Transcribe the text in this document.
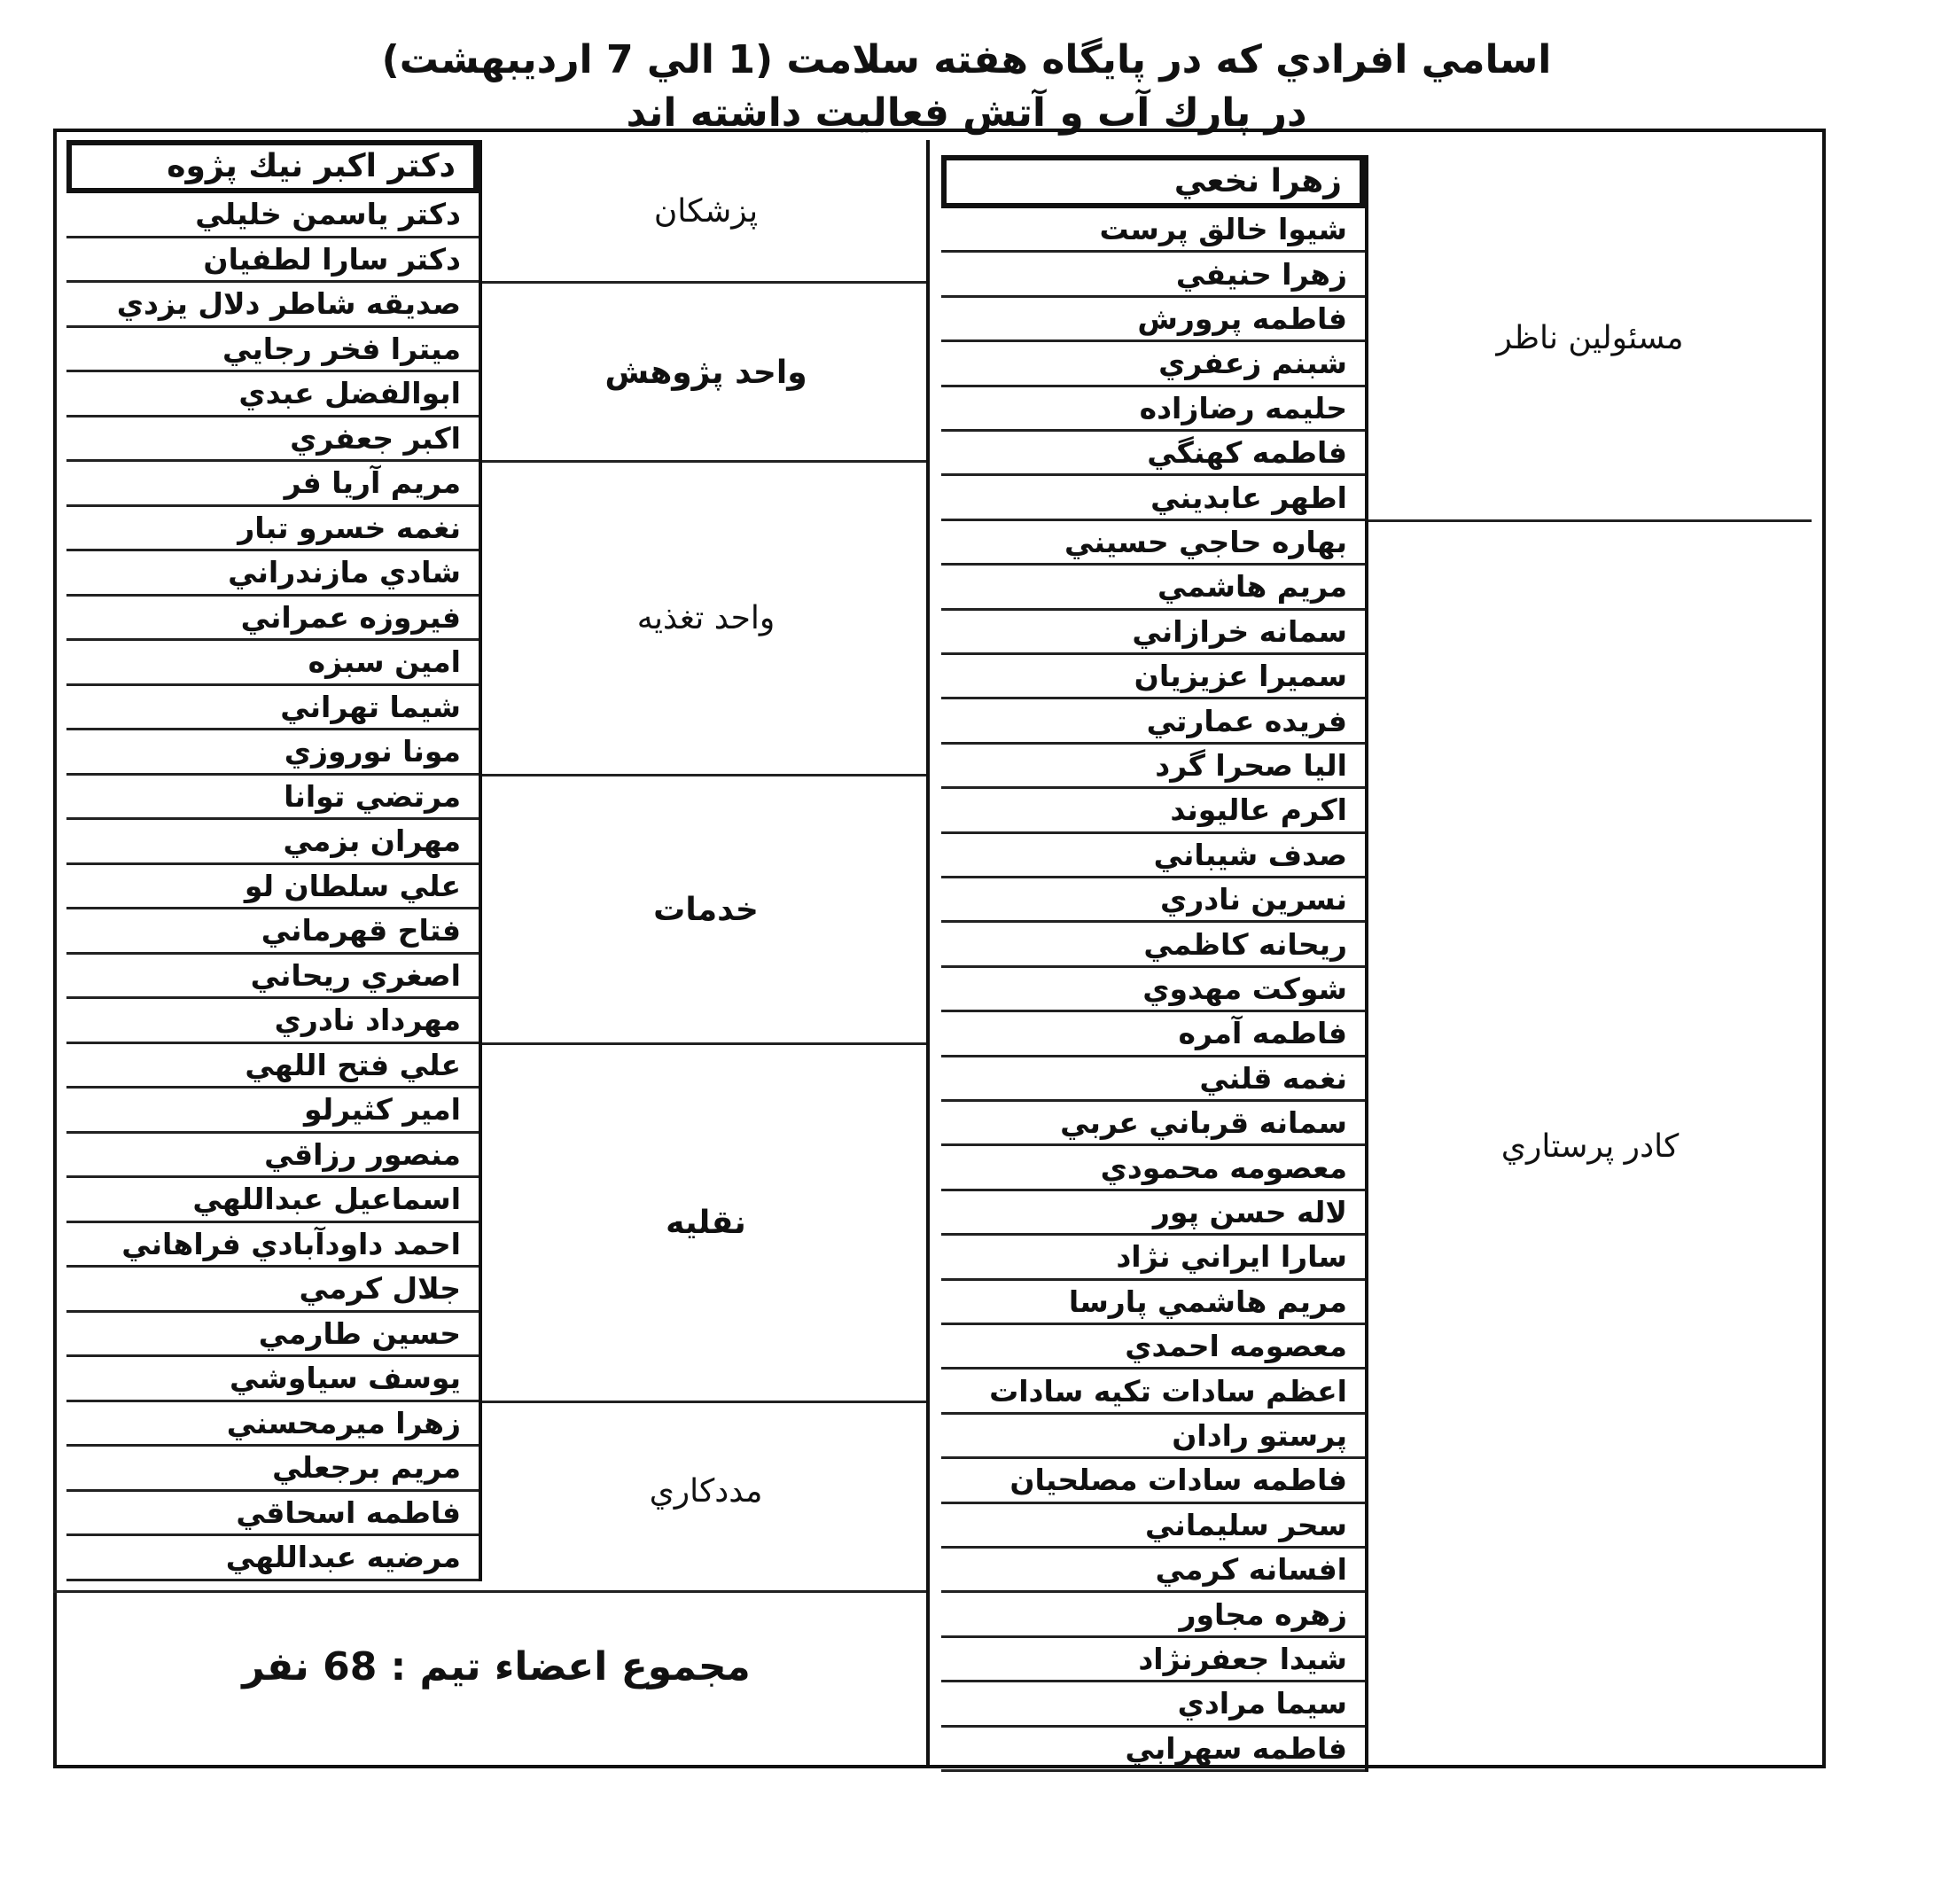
اسامي افرادي كه در پايگاه هفته سلامت (1 الي 7 ارديبهشت)
در پارك آب و آتش فعاليت داشته اند
زهرا نخعي
شيوا خالق پرست
زهرا حنيفي
فاطمه پرورش
شبنم زعفري
حليمه رضازاده
فاطمه كهنگي
اطهر عابديني
مسئولين ناظر
بهاره حاجي حسيني
مريم هاشمي
سمانه خرازاني
سميرا عزيزيان
فريده عمارتي
اليا صحرا گرد
اكرم عاليوند
صدف شيباني
نسرين نادري
ريحانه كاظمي
شوكت مهدوي
فاطمه آمره
نغمه قلني
سمانه قرباني عربي
معصومه محمودي
لاله حسن پور
سارا ايراني نژاد
مريم هاشمي پارسا
معصومه احمدي
اعظم سادات تكيه سادات
پرستو رادان
فاطمه سادات مصلحيان
سحر سليماني
افسانه كرمي
زهره مجاور
شيدا جعفرنژاد
سيما مرادي
فاطمه سهرابي
كادر پرستاري
دكتر اكبر نيك پژوه
دكتر ياسمن خليلي
دكتر سارا لطفيان
پزشكان
صديقه شاطر دلال يزدي
ميترا فخر رجايي
ابوالفضل عبدي
اكبر جعفري
واحد پژوهش
مريم آريا فر
نغمه خسرو تبار
شادي مازندراني
فيروزه عمراني
امين سبزه
شيما تهراني
مونا نوروزي
واحد تغذيه
مرتضي توانا
مهران بزمي
علي سلطان لو
فتاح قهرماني
اصغري ريحاني
مهرداد نادري
خدمات
علي فتح اللهي
امير كثيرلو
منصور رزاقي
اسماعيل عبداللهي
احمد داودآبادي فراهاني
جلال كرمي
حسين طارمي
يوسف سياوشي
نقليه
زهرا ميرمحسني
مريم برجعلي
فاطمه اسحاقي
مرضيه عبداللهي
مددكاري
مجموع اعضاء تيم : 68 نفر
